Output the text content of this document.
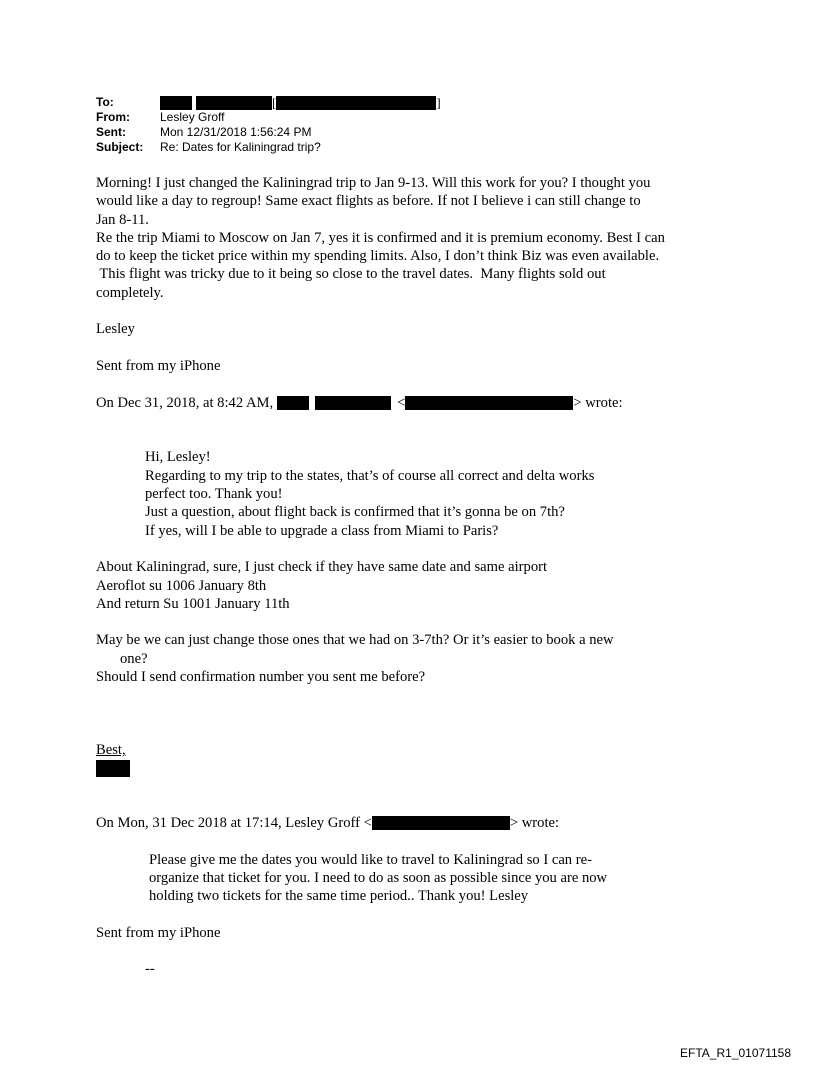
To:	[	]
From:	Lesley Groff
Sent:	Mon 12/31/2018 1:56:24 PM
Subject:	Re: Dates for Kaliningrad trip?

Morning! I just changed the Kaliningrad trip to Jan 9-13. Will this work for you? I thought you

would like a day to regroup! Same exact flights as before. If not I believe i can still change to

Jan 8-11.

Re the trip Miami to Moscow on Jan 7, yes it is confirmed and it is premium economy. Best I can

do to keep the ticket price within my spending limits. Also, I don’t think Biz was even available.

This flight was tricky due to it being so close to the travel dates.  Many flights sold out

completely.

Lesley

Sent from my iPhone

On Dec 31, 2018, at 8:42 AM,	<	> wrote:

Hi, Lesley!

Regarding to my trip to the states, that’s of course all correct and delta works

perfect too. Thank you!

Just a question, about flight back is confirmed that it’s gonna be on 7th?

If yes, will I be able to upgrade a class from Miami to Paris?

About Kaliningrad, sure, I just check if they have same date and same airport

Aeroflot su 1006 January 8th

And return Su 1001 January 11th

May be we can just change those ones that we had on 3-7th? Or it’s easier to book a new

one?

Should I send confirmation number you sent me before?

Best,

On Mon, 31 Dec 2018 at 17:14, Lesley Groff <	> wrote:

Please give me the dates you would like to travel to Kaliningrad so I can re-

organize that ticket for you. I need to do as soon as possible since you are now

holding two tickets for the same time period.. Thank you! Lesley

Sent from my iPhone

--

EFTA_R1_01071158
